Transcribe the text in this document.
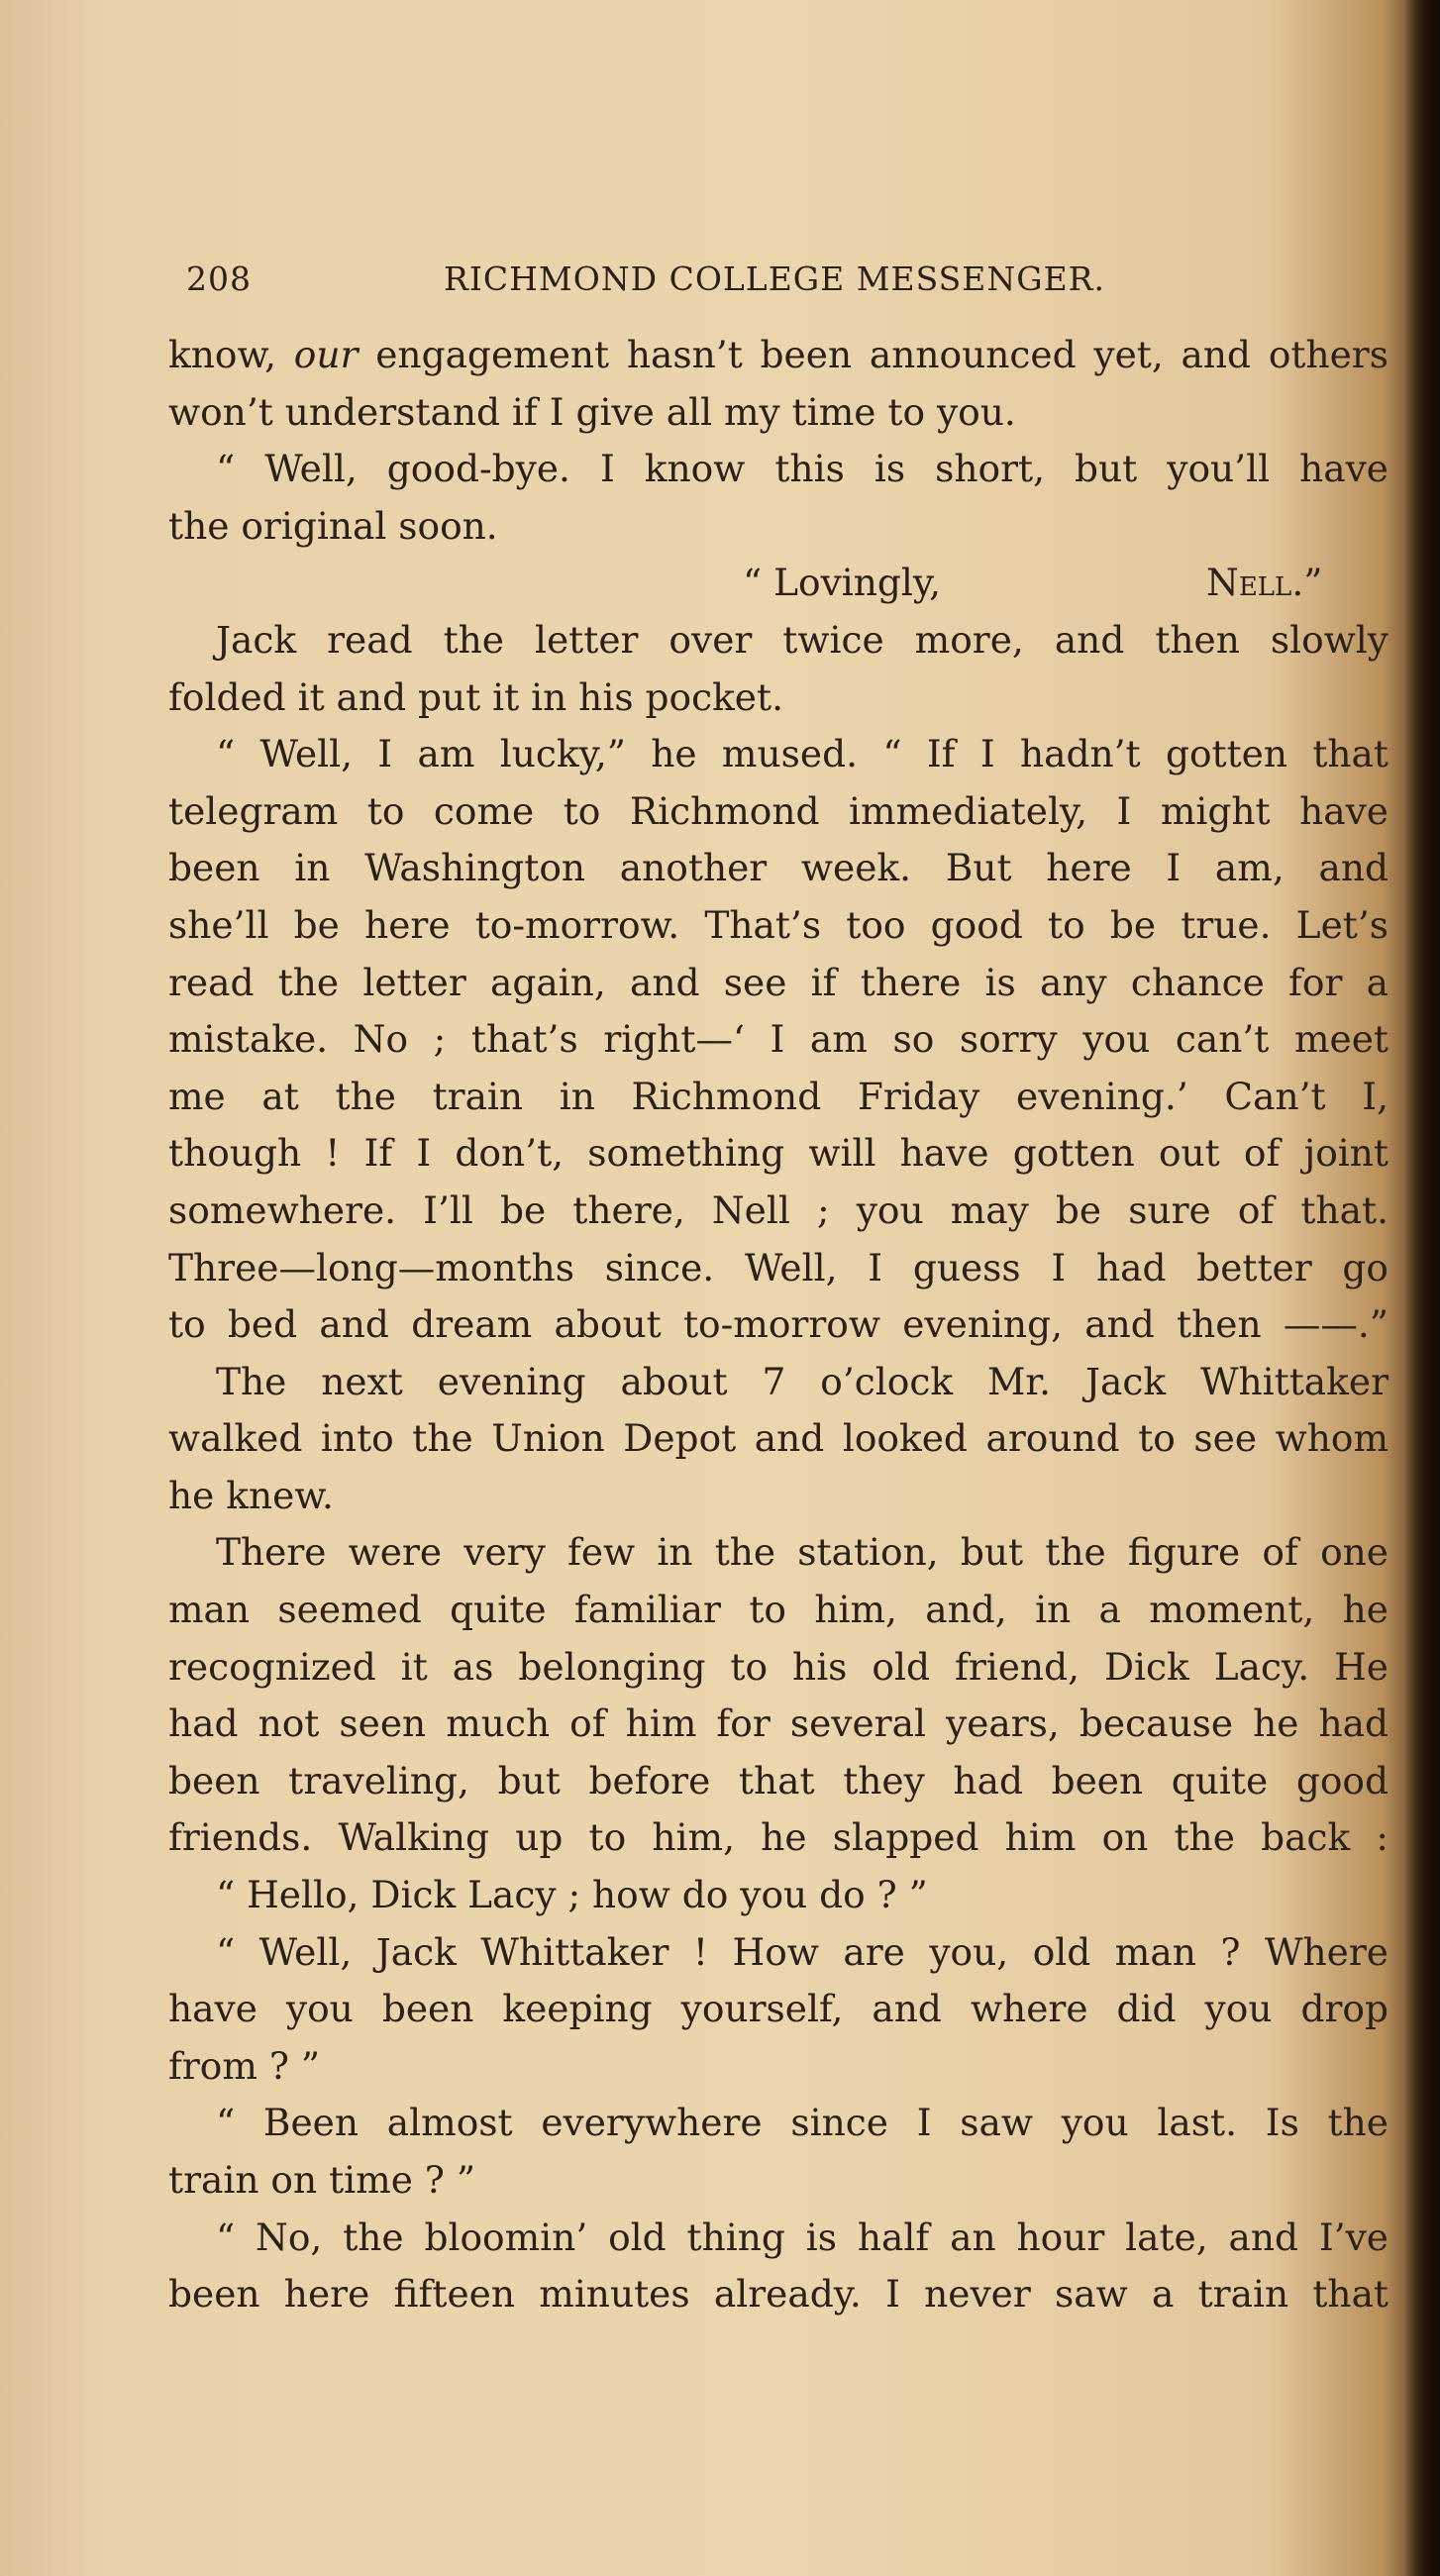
208	RICHMOND COLLEGE MESSENGER.
know, our engagement hasn’t been announced yet, and others
won’t understand if I give all my time to you.
“ Well, good-bye. I know this is short, but you’ll have
the original soon.
“ Lovingly,	Nell.”
Jack read the letter over twice more, and then slowly
folded it and put it in his pocket.
“ Well, I am lucky,” he mused. “ If I hadn’t gotten that
telegram to come to Richmond immediately, I might have
been in Washington another week. But here I am, and
she’ll be here to-morrow. That’s too good to be true. Let’s
read the letter again, and see if there is any chance for a
mistake. No ; that’s right—‘ I am so sorry you can’t meet
me at the train in Richmond Friday evening.’ Can’t I,
though ! If I don’t, something will have gotten out of joint
somewhere. I’ll be there, Nell ; you may be sure of that.
Three—long—months since. Well, I guess I had better go
to bed and dream about to-morrow evening, and then ——.”
The next evening about 7 o’clock Mr. Jack Whittaker
walked into the Union Depot and looked around to see whom
he knew.
There were very few in the station, but the figure of one
man seemed quite familiar to him, and, in a moment, he
recognized it as belonging to his old friend, Dick Lacy. He
had not seen much of him for several years, because he had
been traveling, but before that they had been quite good
friends. Walking up to him, he slapped him on the back :
“ Hello, Dick Lacy ; how do you do ? ”
“ Well, Jack Whittaker ! How are you, old man ? Where
have you been keeping yourself, and where did you drop
from ? ”
“ Been almost everywhere since I saw you last. Is the
train on time ? ”
“ No, the bloomin’ old thing is half an hour late, and I’ve
been here fifteen minutes already. I never saw a train that
